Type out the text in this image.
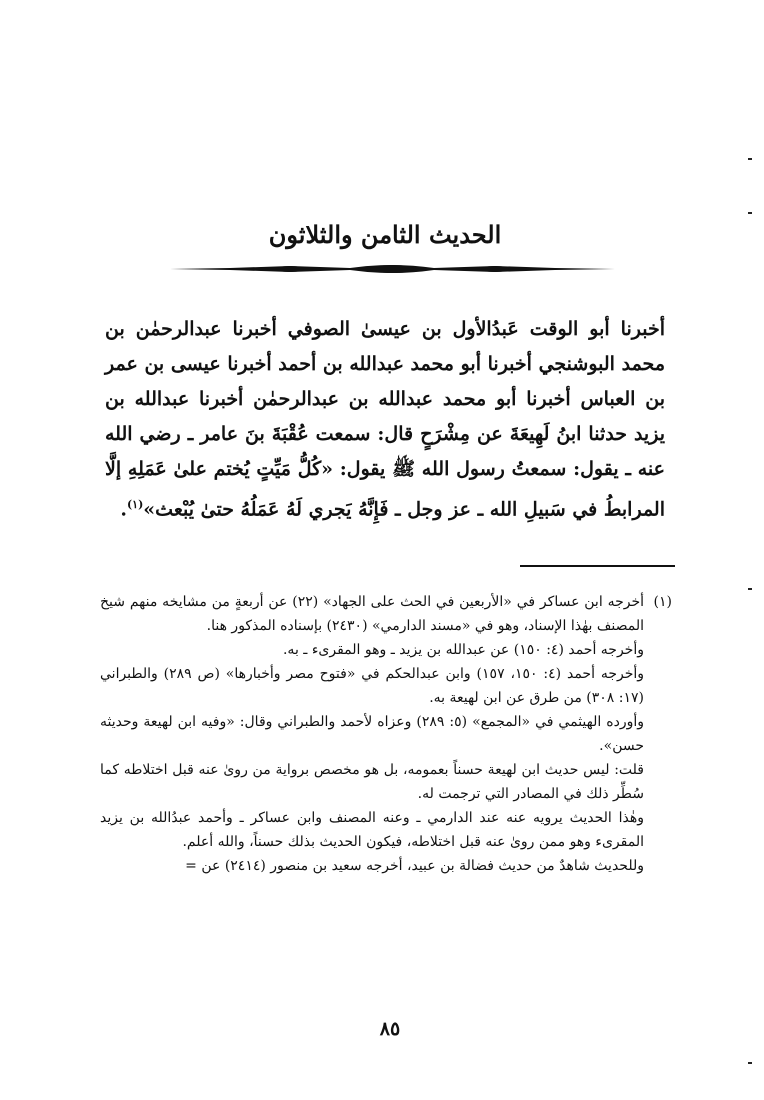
الحديث الثامن والثلاثون

أخبرنا أبو الوقت عَبدُالأول بن عيسىٰ الصوفي أخبرنا عبدالرحمٰن بن محمد البوشنجي أخبرنا أبو محمد عبدالله بن أحمد أخبرنا عيسى بن عمر بن العباس أخبرنا أبو محمد عبدالله بن عبدالرحمٰن أخبرنا عبدالله بن يزيد حدثنا ابنُ لَهِيعَةَ عن مِشْرَحٍ قال: سمعت عُقْبَةَ بنَ عامر ـ رضي الله عنه ـ يقول: سمعتُ رسول الله ﷺ يقول: «كُلُّ مَيِّتٍ يُختم علىٰ عَمَلِهِ إلَّا المرابطُ في سَبيلِ الله ـ عز وجل ـ فَإِنَّهُ يَجري لَهُ عَمَلُهُ حتىٰ يُبْعث»$^{(١)}$.

(١)
أخرجه ابن عساكر في «الأربعين في الحث على الجهاد» (٢٢) عن أربعةٍ من مشايخه منهم شيخ المصنف بهٰذا الإسناد، وهو في «مسند الدارمي» (٢٤٣٠) بإسناده المذكور هنا.

وأخرجه أحمد (٤: ١٥٠) عن عبدالله بن يزيد ـ وهو المقرىء ـ به.

وأخرجه أحمد (٤: ١٥٠، ١٥٧) وابن عبدالحكم في «فتوح مصر وأخبارها» (ص ٢٨٩) والطبراني (١٧: ٣٠٨) من طرق عن ابن لهيعة به.

وأورده الهيثمي في «المجمع» (٥: ٢٨٩) وعزاه لأحمد والطبراني وقال: «وفيه ابن لهيعة وحديثه حسن».

قلت: ليس حديث ابن لهيعة حسناً بعمومه، بل هو مخصص برواية من روىٰ عنه قبل اختلاطه كما سُطِّر ذلك في المصادر التي ترجمت له.

وهٰذا الحديث يرويه عنه عند الدارمي ـ وعنه المصنف وابن عساكر ـ وأحمد عبدُالله بن يزيد المقرىء وهو ممن روىٰ عنه قبل اختلاطه، فيكون الحديث بذلك حسناً، والله أعلم.

وللحديث شاهدٌ من حديث فضالة بن عبيد، أخرجه سعيد بن منصور (٢٤١٤) عن =

٨٥
